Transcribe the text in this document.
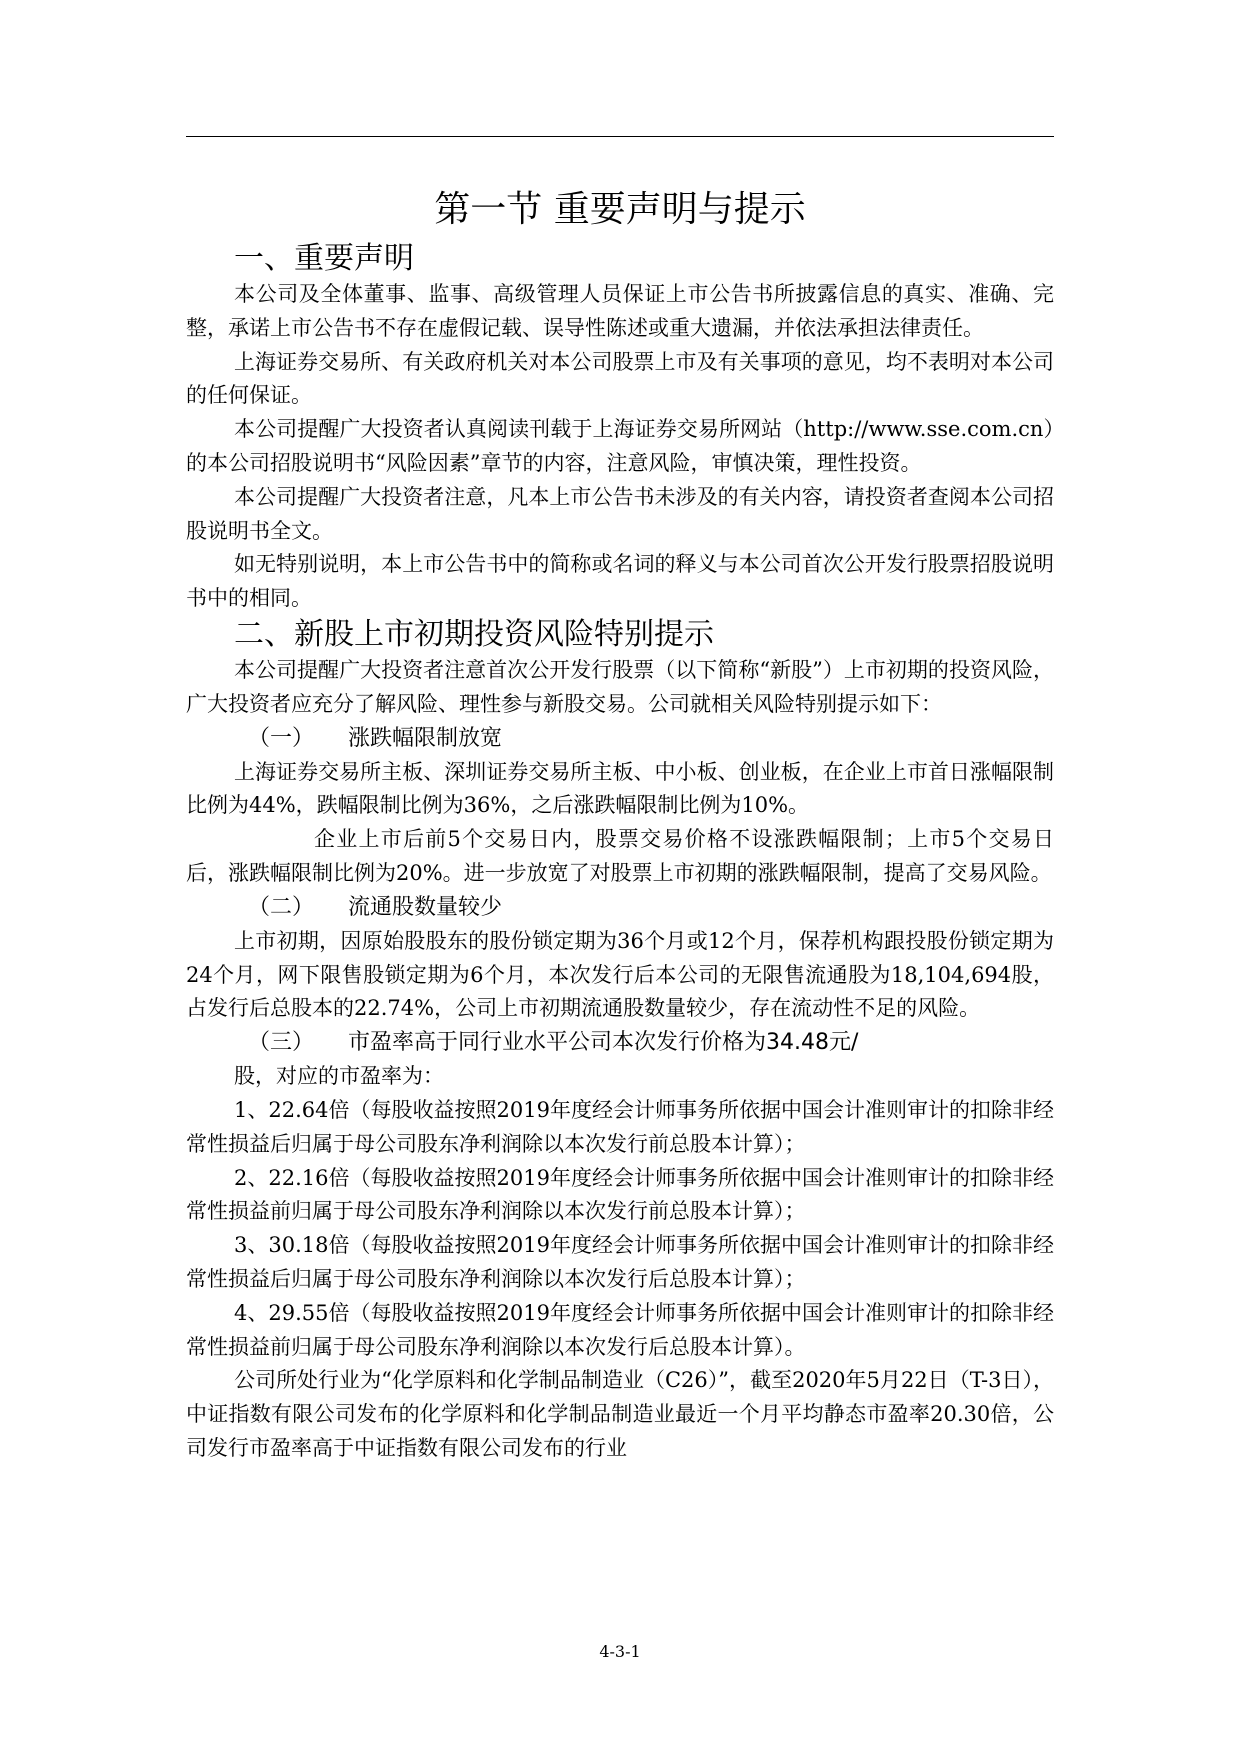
第一节 重要声明与提示
一、重要声明

本公司及全体董事、监事、高级管理人员保证上市公告书所披露信息的真实、准确、完整，承诺上市公告书不存在虚假记载、误导性陈述或重大遗漏，并依法承担法律责任。

上海证券交易所、有关政府机关对本公司股票上市及有关事项的意见，均不表明对本公司的任何保证。

本公司提醒广大投资者认真阅读刊载于上海证券交易所网站（http://www.sse.com.cn）的本公司招股说明书“风险因素”章节的内容，注意风险，审慎决策，理性投资。

本公司提醒广大投资者注意，凡本上市公告书未涉及的有关内容，请投资者查阅本公司招股说明书全文。

如无特别说明，本上市公告书中的简称或名词的释义与本公司首次公开发行股票招股说明书中的相同。

二、新股上市初期投资风险特别提示

本公司提醒广大投资者注意首次公开发行股票（以下简称“新股”）上市初期的投资风险，广大投资者应充分了解风险、理性参与新股交易。公司就相关风险特别提示如下：

（一） 涨跌幅限制放宽

上海证券交易所主板、深圳证券交易所主板、中小板、创业板，在企业上市首日涨幅限制比例为44%，跌幅限制比例为36%，之后涨跌幅限制比例为10%。

企业上市后前5个交易日内，股票交易价格不设涨跌幅限制；上市5个交易日后，涨跌幅限制比例为20%。进一步放宽了对股票上市初期的涨跌幅限制，提高了交易风险。

（二） 流通股数量较少

上市初期，因原始股股东的股份锁定期为36个月或12个月，保荐机构跟投股份锁定期为24个月，网下限售股锁定期为6个月，本次发行后本公司的无限售流通股为18,104,694股，占发行后总股本的22.74%，公司上市初期流通股数量较少，存在流动性不足的风险。

（三） 市盈率高于同行业水平公司本次发行价格为34.48元/

股，对应的市盈率为：

1、22.64倍（每股收益按照2019年度经会计师事务所依据中国会计准则审计的扣除非经常性损益后归属于母公司股东净利润除以本次发行前总股本计算）；

2、22.16倍（每股收益按照2019年度经会计师事务所依据中国会计准则审计的扣除非经常性损益前归属于母公司股东净利润除以本次发行前总股本计算）；

3、30.18倍（每股收益按照2019年度经会计师事务所依据中国会计准则审计的扣除非经常性损益后归属于母公司股东净利润除以本次发行后总股本计算）；

4、29.55倍（每股收益按照2019年度经会计师事务所依据中国会计准则审计的扣除非经常性损益前归属于母公司股东净利润除以本次发行后总股本计算）。

公司所处行业为“化学原料和化学制品制造业（C26）”，截至2020年5月22日（T-3日），中证指数有限公司发布的化学原料和化学制品制造业最近一个月平均静态市盈率20.30倍，公司发行市盈率高于中证指数有限公司发布的行业

4-3-1
